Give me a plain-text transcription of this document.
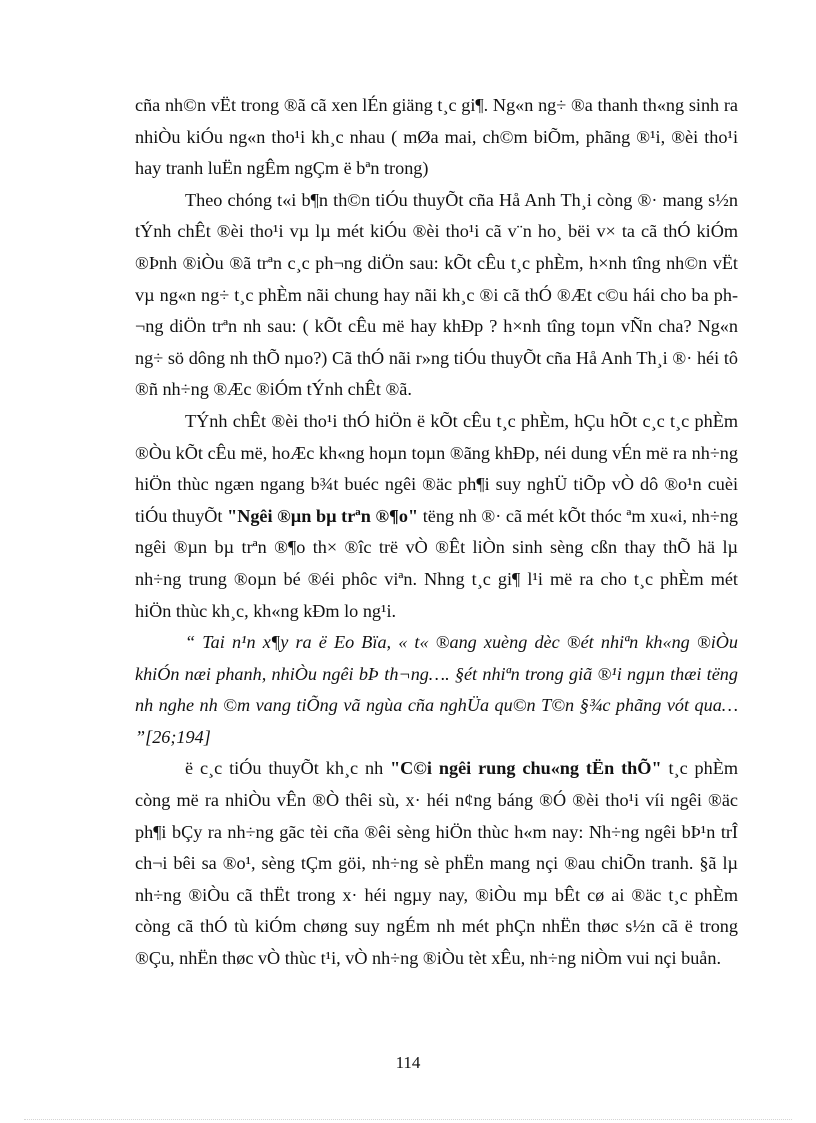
cña nh©n vËt trong ®ã cã xen lÉn giäng t¸c gi¶. Ng«n ng÷ ®a thanh th«ng sinh ra nhiÒu kiÓu ng«n tho¹i kh¸c nhau ( mØa mai, ch©m biÕm, phãng ®¹i, ®èi tho¹i hay tranh luËn ngÊm ngÇm ë bªn trong)

Theo chóng t«i b¶n th©n tiÓu thuyÕt cña Hå Anh Th¸i còng ®· mang s½n tÝnh chÊt ®èi tho¹i vµ lµ mét kiÓu ®èi tho¹i cã v¨n ho¸ bëi v× ta cã thÓ kiÓm ®Þnh ®iÒu ®ã trªn c¸c ph¬ng diÖn sau: kÕt cÊu t¸c phÈm, h×nh tîng nh©n vËt vµ ng«n ng÷ t¸c phÈm nãi chung hay nãi kh¸c ®i cã thÓ ®Æt c©u hái cho ba ph¬ng diÖn trªn nh sau: ( kÕt cÊu më hay khÐp ? h×nh tîng toµn vÑn cha? Ng«n ng÷ sö dông nh thÕ nµo?) Cã thÓ nãi r»ng tiÓu thuyÕt cña Hå Anh Th¸i ®· héi tô ®ñ nh÷ng ®Æc ®iÓm tÝnh chÊt ®ã.

TÝnh chÊt ®èi tho¹i thÓ hiÖn ë kÕt cÊu t¸c phÈm, hÇu hÕt c¸c t¸c phÈm ®Òu kÕt cÊu më, hoÆc kh«ng hoµn toµn ®ãng khÐp, néi dung vÉn më ra nh÷ng hiÖn thùc ngæn ngang b¾t buéc ngêi ®äc ph¶i suy nghÜ tiÕp vÒ dô ®o¹n cuèi tiÓu thuyÕt "Ngêi ®µn bµ trªn ®¶o" tëng nh ®· cã mét kÕt thóc ªm xu«i, nh÷ng ngêi ®µn bµ trªn ®¶o th× ®îc trë vÒ ®Êt liÒn sinh sèng cßn thay thÕ hä lµ nh÷ng trung ®oµn bé ®éi phôc viªn. Nhng t¸c gi¶ l¹i më ra cho t¸c phÈm mét hiÖn thùc kh¸c, kh«ng kÐm lo ng¹i.

“ Tai n¹n x¶y ra ë Eo Bïa, « t« ®ang xuèng dèc ®ét nhiªn kh«ng ®iÒu khiÓn næi phanh, nhiÒu ngêi bÞ th¬ng…. §ét nhiªn trong giã ®¹i ngµn thæi tëng nh nghe nh ©m vang tiÕng vã ngùa cña nghÜa qu©n T©n §¾c phãng vót qua… ”[26;194]

ë c¸c tiÓu thuyÕt kh¸c nh "C©i ngêi rung chu«ng tËn thÕ" t¸c phÈm còng më ra nhiÒu vÊn ®Ò thêi sù, x· héi n¢ng báng ®Ó ®èi tho¹i víi ngêi ®äc ph¶i bÇy ra nh÷ng gãc tèi cña ®êi sèng hiÖn thùc h«m nay: Nh÷ng ngêi bÞ¹n trÎ ch¬i bêi sa ®o¹, sèng tÇm göi, nh÷ng sè phËn mang nçi ®au chiÕn tranh. §ã lµ nh÷ng ®iÒu cã thËt trong x· héi ngµy nay, ®iÒu mµ bÊt cø ai ®äc t¸c phÈm còng cã thÓ tù kiÓm chøng suy ngÉm nh mét phÇn nhËn thøc s½n cã ë trong ®Çu, nhËn thøc vÒ thùc t¹i, vÒ nh÷ng ®iÒu tèt xÊu, nh÷ng niÒm vui nçi buån.

114
